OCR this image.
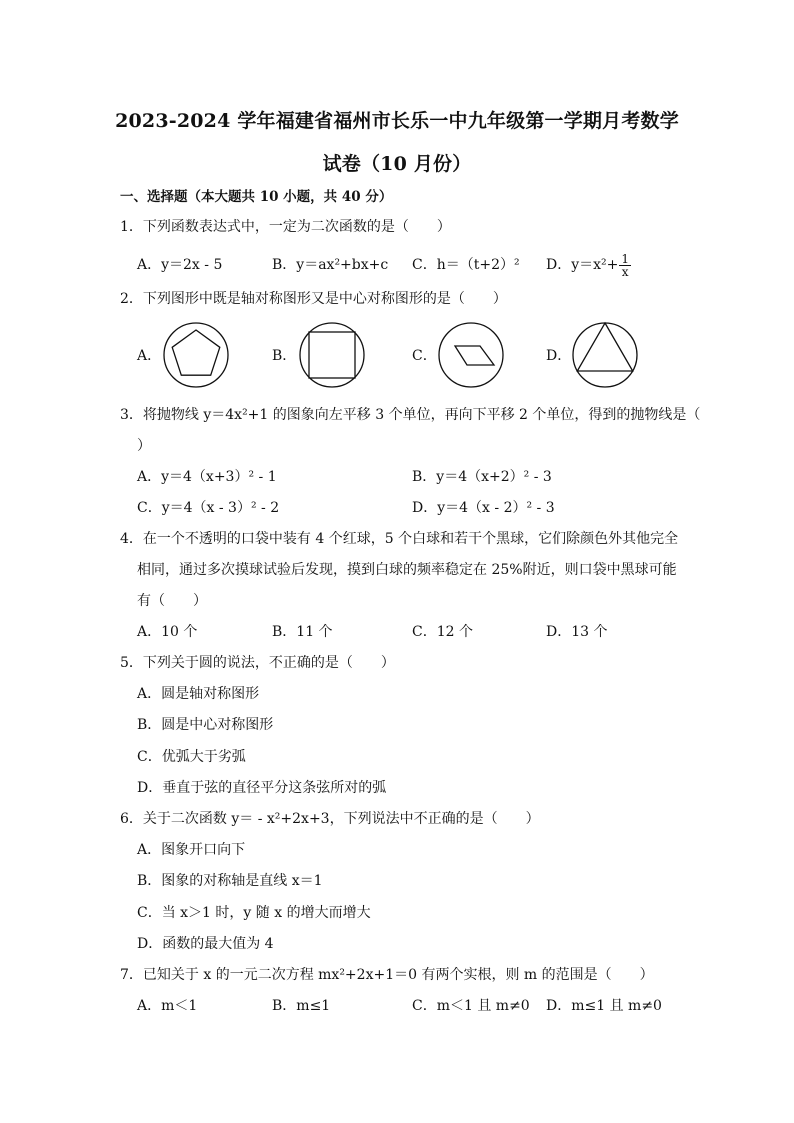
2023-2024 学年福建省福州市长乐一中九年级第一学期月考数学
试卷（10 月份）
一、选择题（本大题共 10 小题，共 40 分）
1．下列函数表达式中，一定为二次函数的是（　　）
A．y＝2x - 5	B．y＝ax²+bx+c C．h＝（t+2）² D．$y=x^2+ \frac{1}{x}$
2．下列图形中既是轴对称图形又是中心对称图形的是（　　）
A．	B．	C．	D．
3．将抛物线 y＝4x²+1 的图象向左平移 3 个单位，再向下平移 2 个单位，得到的抛物线是（
）
A．y＝4（x+3）² - 1	B．y＝4（x+2）² - 3
C．y＝4（x - 3）² - 2	D．y＝4（x - 2）² - 3
4．在一个不透明的口袋中装有 4 个红球，5 个白球和若干个黑球，它们除颜色外其他完全
相同，通过多次摸球试验后发现，摸到白球的频率稳定在 25%附近，则口袋中黑球可能
有（　　）
A．10 个	B．11 个	C．12 个	D．13 个
5．下列关于圆的说法，不正确的是（　　）
A．圆是轴对称图形
B．圆是中心对称图形
C．优弧大于劣弧
D．垂直于弦的直径平分这条弦所对的弧
6．关于二次函数 y＝ - x²+2x+3，下列说法中不正确的是（　　）
A．图象开口向下
B．图象的对称轴是直线 x＝1
C．当 x＞1 时，y 随 x 的增大而增大
D．函数的最大值为 4
7．已知关于 x 的一元二次方程 mx²+2x+1＝0 有两个实根，则 m 的范围是（　　）
A．m＜1	B．m≤1	C．m＜1 且 m≠0 D．m≤1 且 m≠0
